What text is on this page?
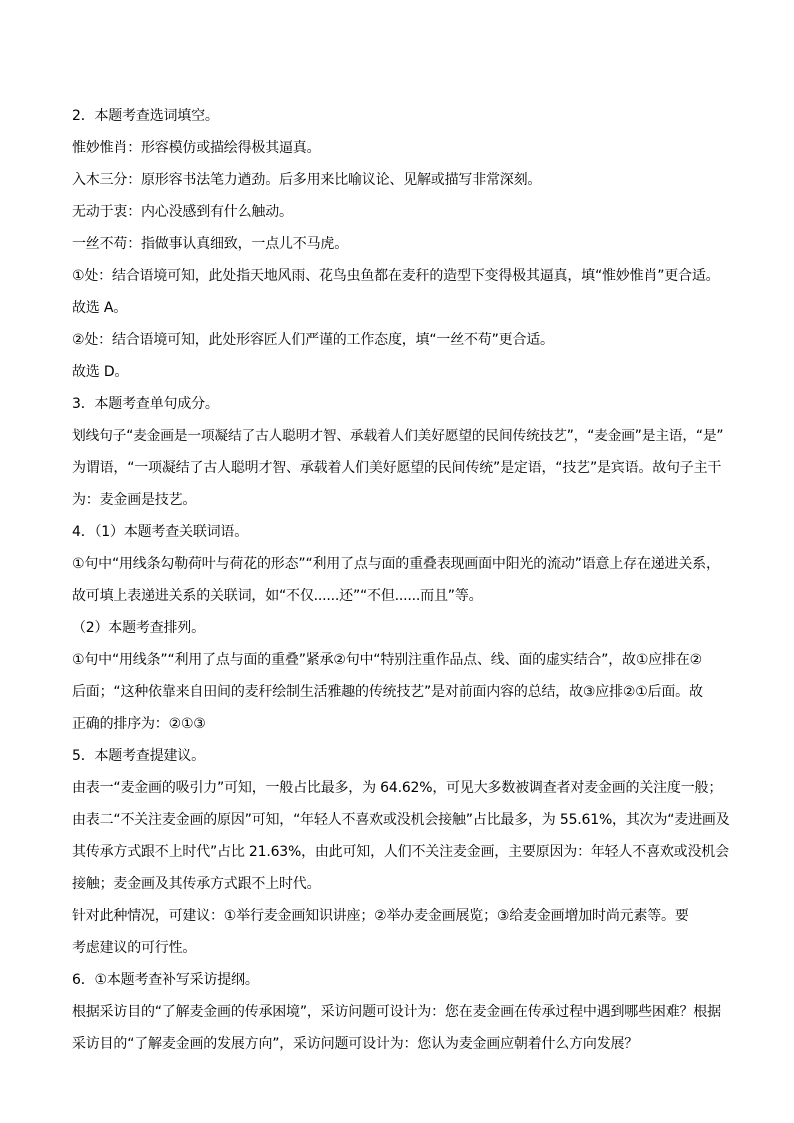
2．本题考查选词填空。

惟妙惟肖：形容模仿或描绘得极其逼真。

入木三分：原形容书法笔力遒劲。后多用来比喻议论、见解或描写非常深刻。

无动于衷：内心没感到有什么触动。

一丝不苟：指做事认真细致，一点儿不马虎。

①处：结合语境可知，此处指天地风雨、花鸟虫鱼都在麦秆的造型下变得极其逼真，填“惟妙惟肖”更合适。

故选 A。

②处：结合语境可知，此处形容匠人们严谨的工作态度，填“一丝不苟”更合适。

故选 D。

3．本题考查单句成分。

划线句子“麦金画是一项凝结了古人聪明才智、承载着人们美好愿望的民间传统技艺”，“麦金画”是主语，“是”

为谓语，“一项凝结了古人聪明才智、承载着人们美好愿望的民间传统”是定语，“技艺”是宾语。故句子主干

为：麦金画是技艺。

4．（1）本题考查关联词语。

①句中“用线条勾勒荷叶与荷花的形态”“利用了点与面的重叠表现画面中阳光的流动”语意上存在递进关系，

故可填上表递进关系的关联词，如“不仅......还”“不但......而且”等。

（2）本题考查排列。

①句中“用线条”“利用了点与面的重叠”紧承②句中“特别注重作品点、线、面的虚实结合”，故①应排在②

后面；“这种依靠来自田间的麦秆绘制生活雅趣的传统技艺”是对前面内容的总结，故③应排②①后面。故

正确的排序为：②①③

5．本题考查提建议。

由表一“麦金画的吸引力”可知，一般占比最多，为 64.62%，可见大多数被调查者对麦金画的关注度一般；

由表二“不关注麦金画的原因”可知，“年轻人不喜欢或没机会接触”占比最多，为 55.61%，其次为“麦进画及

其传承方式跟不上时代”占比 21.63%，由此可知，人们不关注麦金画，主要原因为：年轻人不喜欢或没机会

接触；麦金画及其传承方式跟不上时代。

针对此种情况，可建议：①举行麦金画知识讲座；②举办麦金画展览；③给麦金画增加时尚元素等。要

考虑建议的可行性。

6．①本题考查补写采访提纲。

根据采访目的“了解麦金画的传承困境”，采访问题可设计为：您在麦金画在传承过程中遇到哪些困难？根据

采访目的“了解麦金画的发展方向”，采访问题可设计为：您认为麦金画应朝着什么方向发展？
